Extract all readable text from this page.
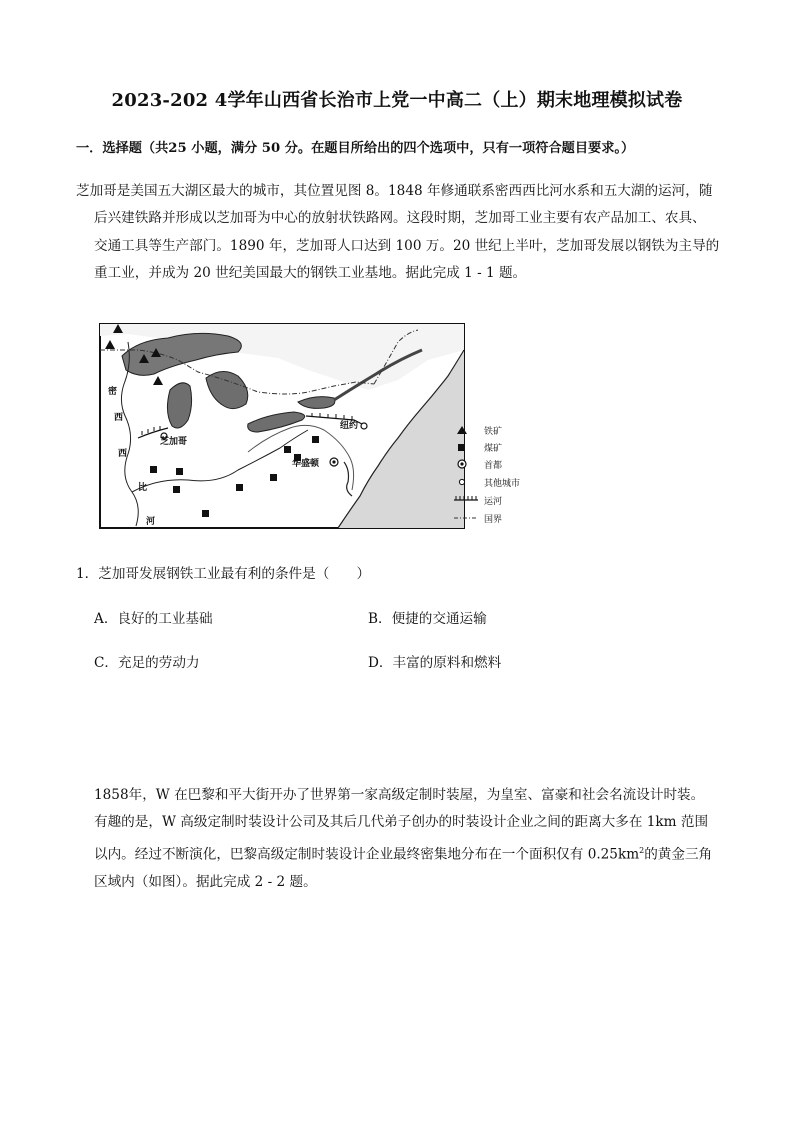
2023-202 4学年山西省长治市上党一中高二（上）期末地理模拟试卷
一．选择题（共25 小题，满分 50 分。在题目所给出的四个选项中，只有一项符合题目要求。）

芝加哥是美国五大湖区最大的城市，其位置见图 8。1848 年修通联系密西西比河水系和五大湖的运河，随

后兴建铁路并形成以芝加哥为中心的放射状铁路网。这段时期，芝加哥工业主要有农产品加工、农具、

交通工具等生产部门。1890 年，芝加哥人口达到 100 万。20 世纪上半叶，芝加哥发展以钢铁为主导的

重工业，并成为 20 世纪美国最大的钢铁工业基地。据此完成 1 - 1 题。

密
西
西
比
河
芝加哥
纽约
华盛顿
铁矿
煤矿
首都
其他城市
运河
国界
1．芝加哥发展钢铁工业最有利的条件是（　　）
A．良好的工业基础	B．便捷的交通运输
C．充足的劳动力	D．丰富的原料和燃料

1858年，W 在巴黎和平大街开办了世界第一家高级定制时装屋，为皇室、富豪和社会名流设计时装。

有趣的是，W 高级定制时装设计公司及其后几代弟子创办的时装设计企业之间的距离大多在 1km 范围

以内。经过不断演化，巴黎高级定制时装设计企业最终密集地分布在一个面积仅有 $0.25km^2$的黄金三角

区域内（如图）。据此完成 2 - 2 题。
